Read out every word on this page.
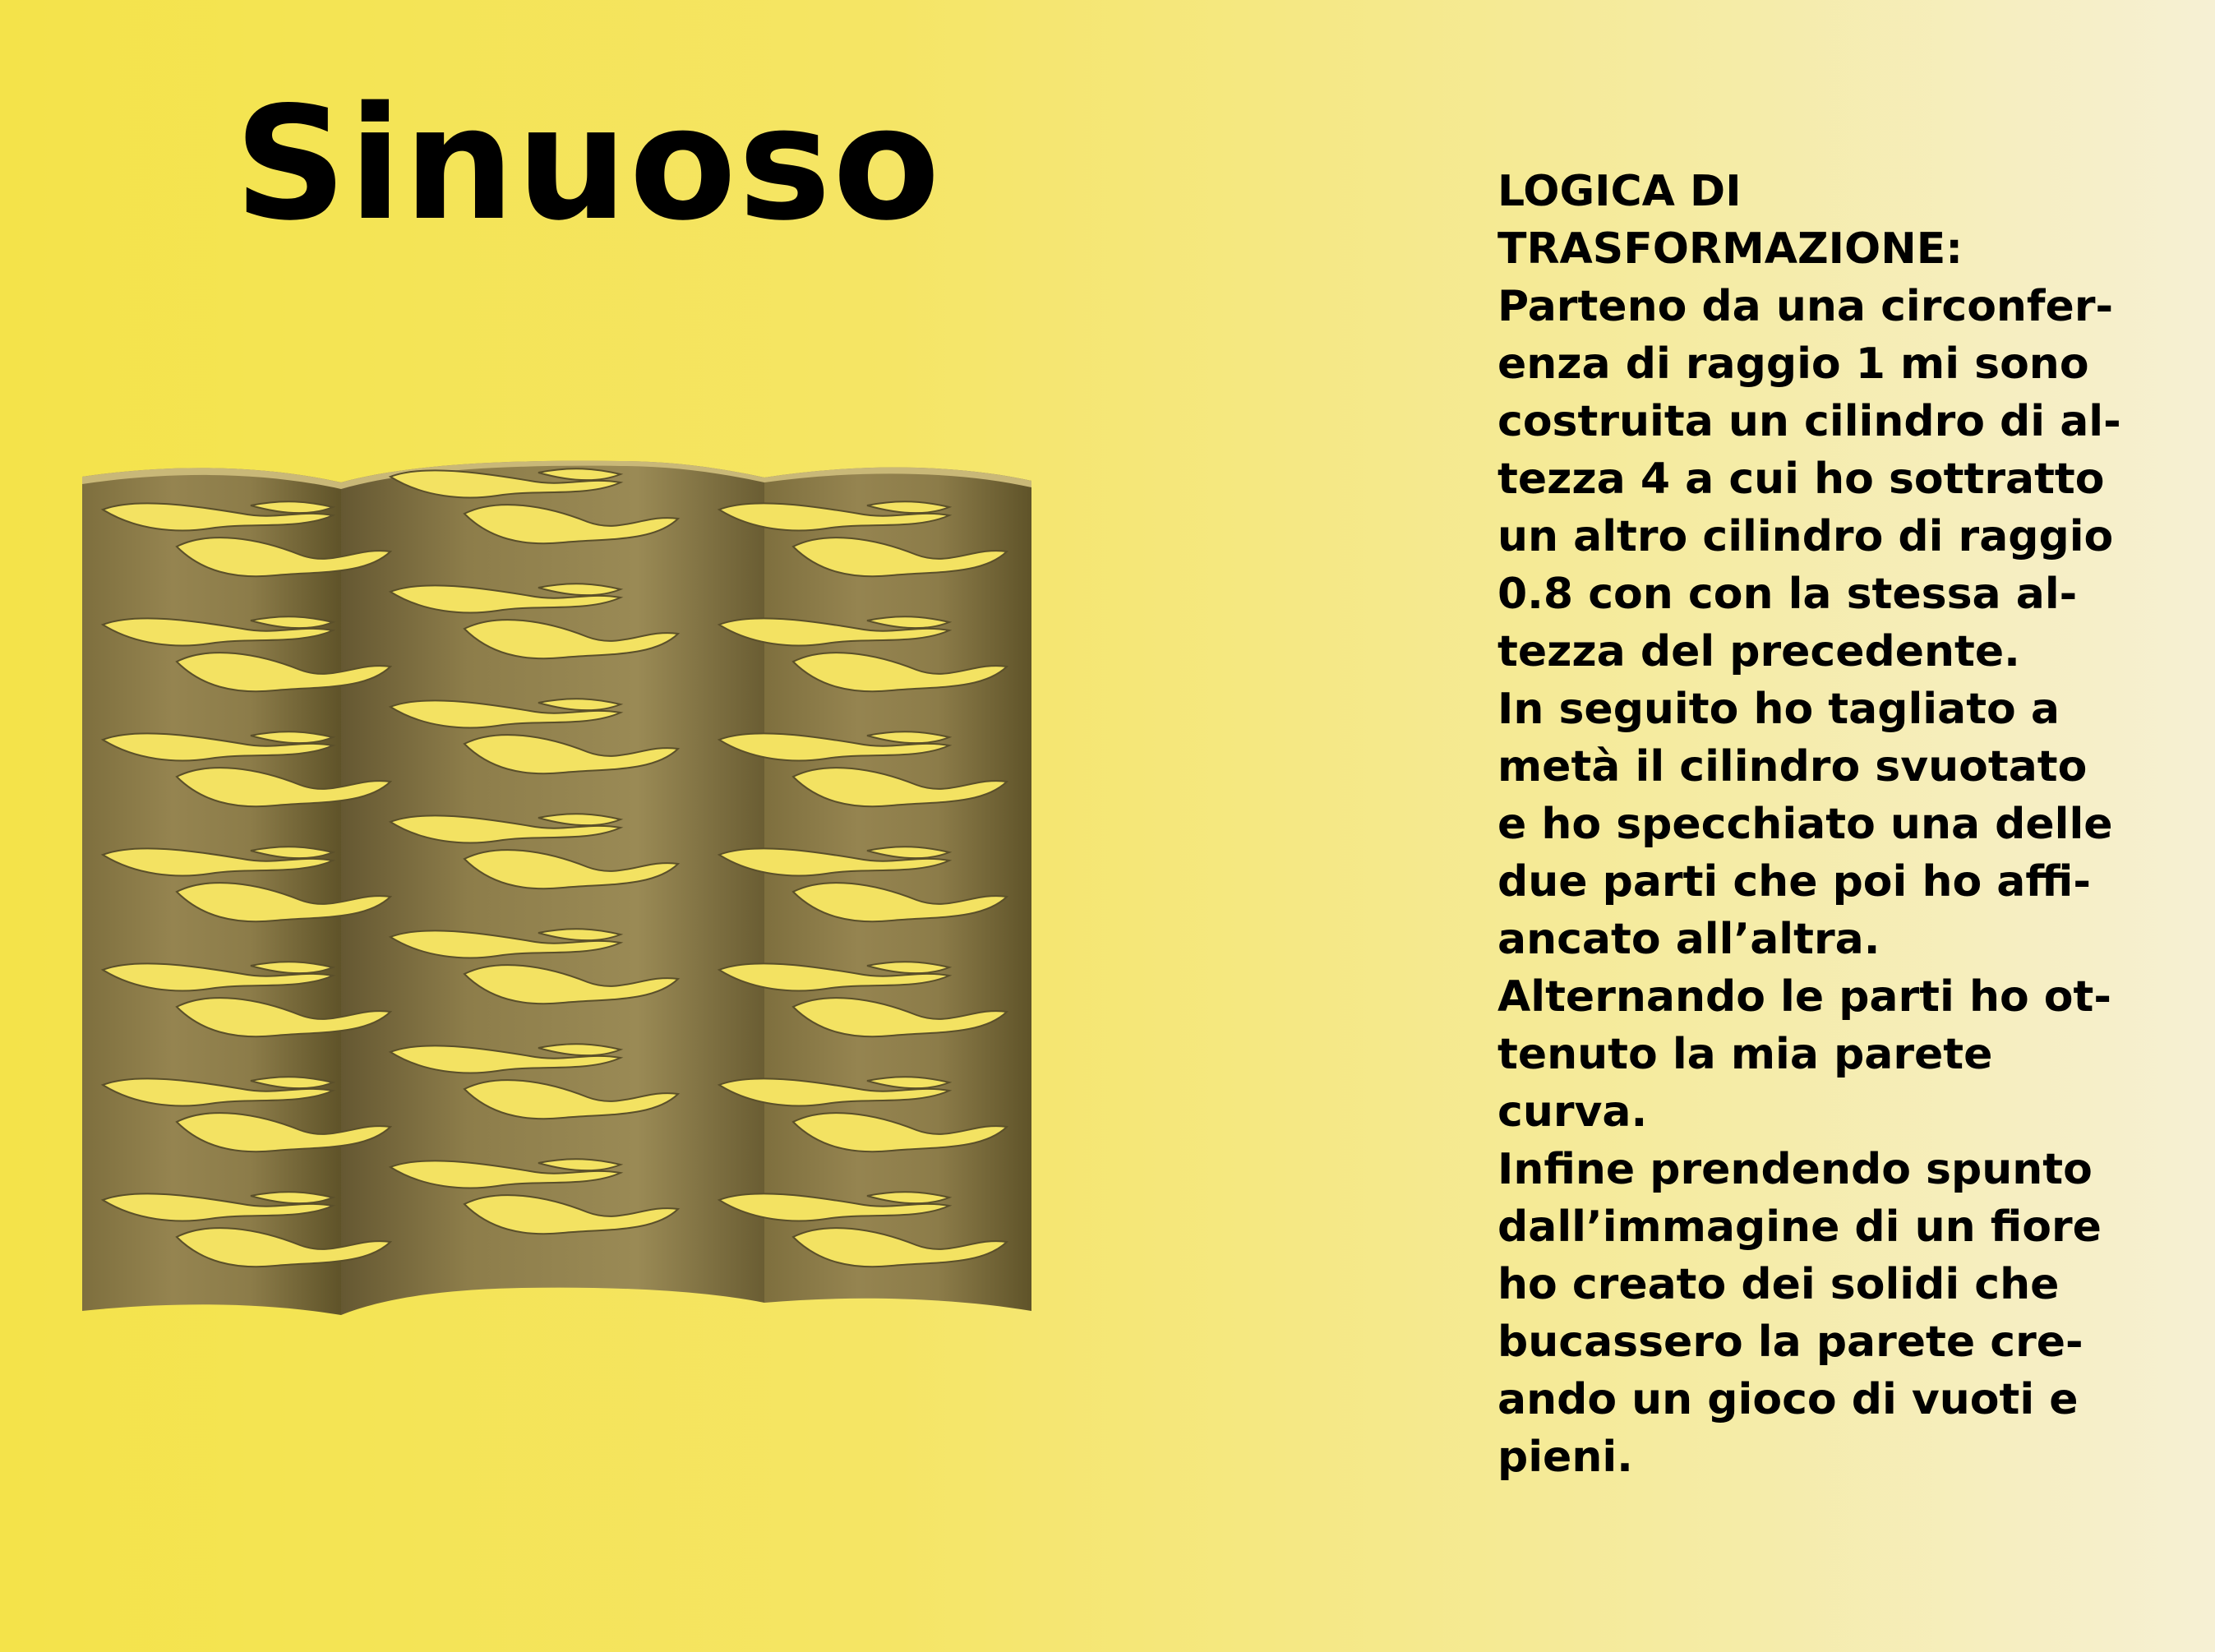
Sinuoso	LOGICA DI
TRASFORMAZIONE:
Parteno da una circonfer-
enza di raggio 1 mi sono
costruita un cilindro di al-
tezza 4 a cui ho sottratto
un altro cilindro di raggio
0.8 con con la stessa al-
tezza del precedente.
In seguito ho tagliato a
metà il cilindro svuotato
e ho specchiato una delle
due parti che poi ho affi-
ancato all’altra.
Alternando le parti ho ot-
tenuto la mia parete
curva.
Infine prendendo spunto
dall’immagine di un fiore
ho creato dei solidi che
bucassero la parete cre-
ando un gioco di vuoti e
pieni.
